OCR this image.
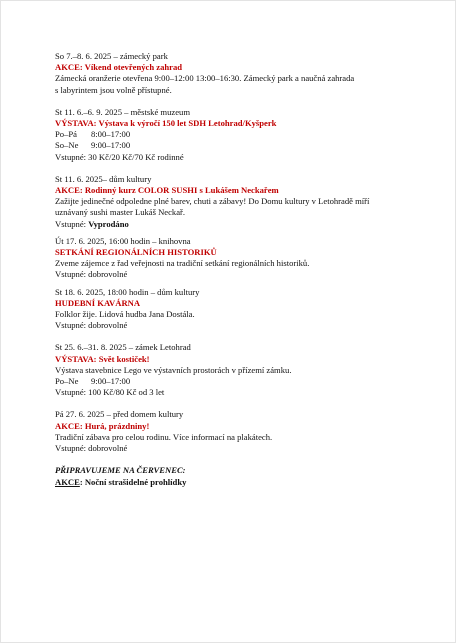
So 7.–8. 6. 2025 – zámecký park
AKCE: Víkend otevřených zahrad
Zámecká oranžerie otevřena 9:00–12:00 13:00–16:30. Zámecký park a naučná zahrada
s labyrintem jsou volně přístupné.
St 11. 6.–6. 9. 2025 – městské muzeum
VÝSTAVA: Výstava k výročí 150 let SDH Letohrad/Kyšperk
Po–Pá	8:00–17:00
So–Ne	9:00–17:00
Vstupné: 30 Kč/20 Kč/70 Kč rodinné
St 11. 6. 2025– dům kultury
AKCE: Rodinný kurz COLOR SUSHI s Lukášem Neckařem
Zažijte jedinečné odpoledne plné barev, chuti a zábavy! Do Domu kultury v Letohradě míří
uznávaný sushi master Lukáš Neckař.
Vstupné: Vyprodáno
Út 17. 6. 2025, 16:00 hodin – knihovna
SETKÁNÍ REGIONÁLNÍCH HISTORIKŮ
Zveme zájemce z řad veřejnosti na tradiční setkání regionálních historiků.
Vstupné: dobrovolné
St 18. 6. 2025, 18:00 hodin – dům kultury
HUDEBNÍ KAVÁRNA
Folklor žije. Lidová hudba Jana Dostála.
Vstupné: dobrovolné
St 25. 6.–31. 8. 2025 – zámek Letohrad
VÝSTAVA: Svět kostiček!
Výstava stavebnice Lego ve výstavních prostorách v přízemí zámku.
Po–Ne	9:00–17:00
Vstupné: 100 Kč/80 Kč od 3 let
Pá 27. 6. 2025 – před domem kultury
AKCE: Hurá, prázdniny!
Tradiční zábava pro celou rodinu. Více informací na plakátech.
Vstupné: dobrovolné
PŘIPRAVUJEME NA ČERVENEC:
AKCE: Noční strašidelné prohlídky
